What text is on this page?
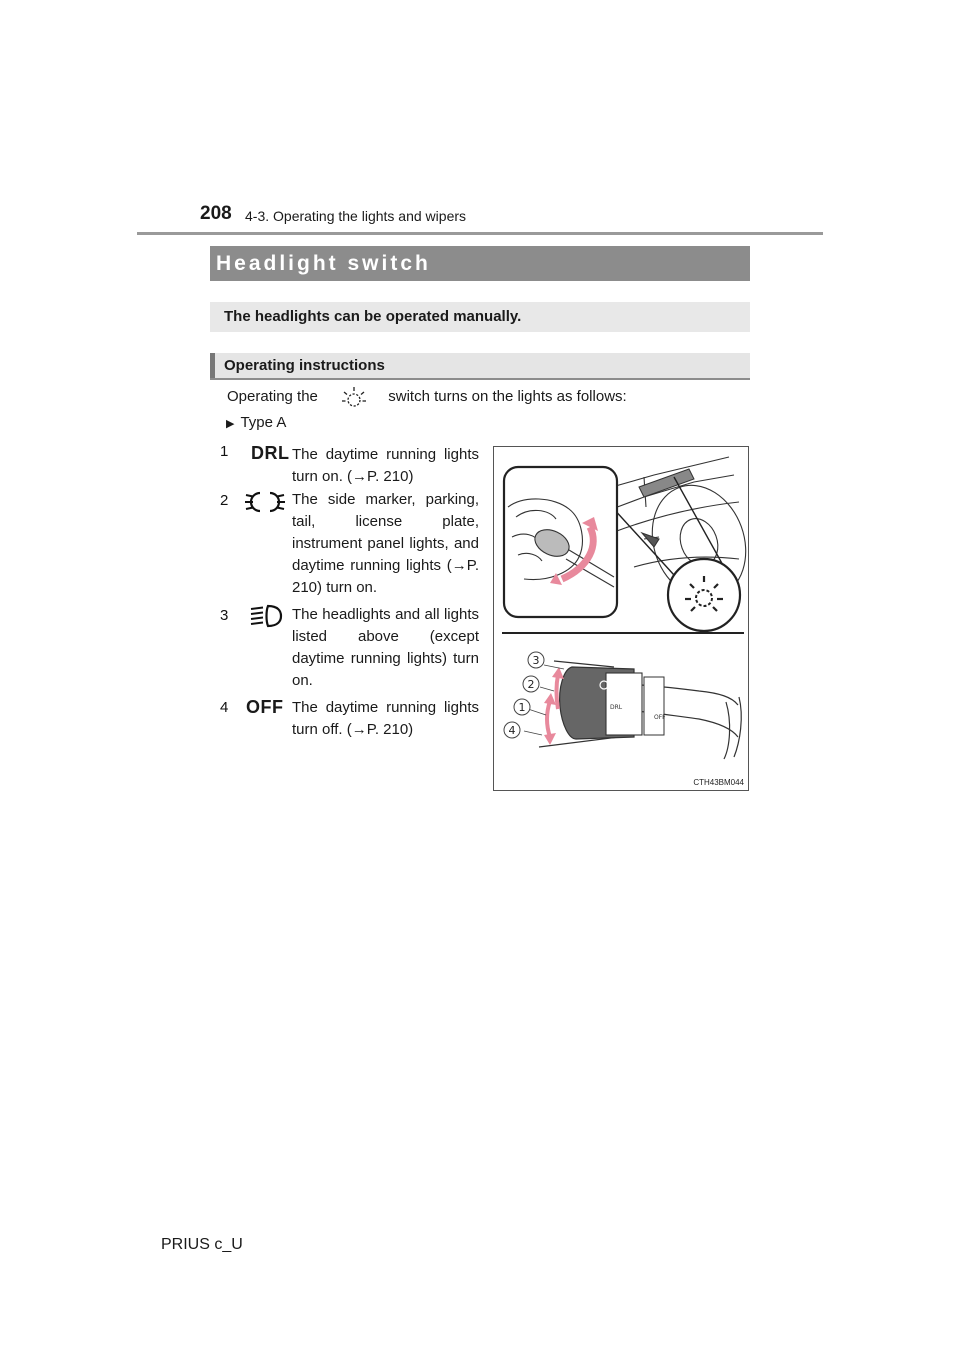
208 4-3. Operating the lights and wipers
Headlight switch
The headlights can be operated manually.
Operating instructions
Operating the	switch turns on the lights as follows:
▶ Type A
1 DRL The daytime running lights turn on. (→P. 210)
2	The side marker, parking, tail, license plate, instrument panel lights, and daytime running lights (→P. 210) turn on.
3	The headlights and all lights listed above (except daytime running lights) turn on.
4 OFF The daytime running lights turn off. (→P. 210)
DRL
OFF
3
2
1
4
CTH43BM044
PRIUS c_U
